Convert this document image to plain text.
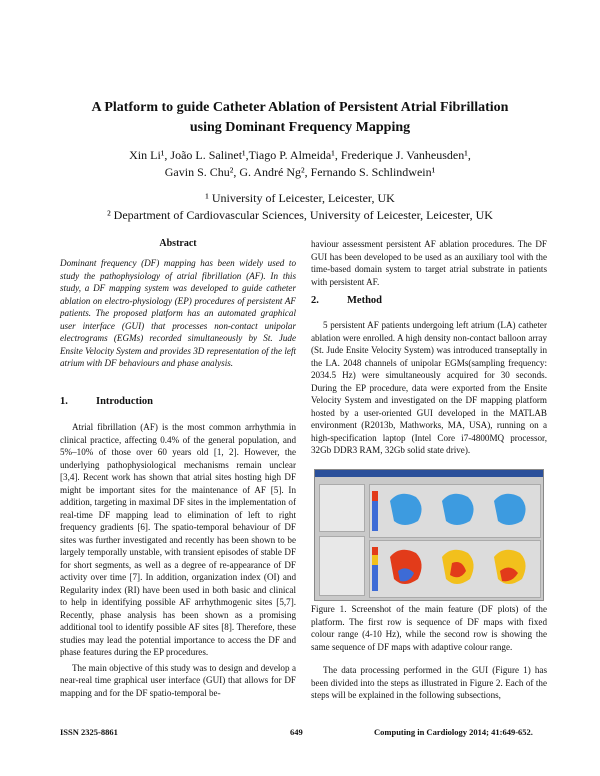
A Platform to guide Catheter Ablation of Persistent Atrial Fibrillation
using Dominant Frequency Mapping
Xin Li¹, João L. Salinet¹,Tiago P. Almeida¹, Frederique J. Vanheusden¹,
Gavin S. Chu², G. André Ng², Fernando S. Schlindwein¹
¹ University of Leicester, Leicester, UK
² Department of Cardiovascular Sciences, University of Leicester, Leicester, UK
Abstract
Dominant frequency (DF) mapping has been widely used to study the pathophysiology of atrial fibrillation (AF). In this study, a DF mapping system was developed to guide catheter ablation on electro-physiology (EP) procedures of persistent AF patients. The proposed platform has an automated graphical user interface (GUI) that processes non-contact unipolar electrograms (EGMs) recorded simultaneously by St. Jude Ensite Velocity System and provides 3D representation of the left atrium with DF behaviours and phase analysis.
1.	Introduction

Atrial fibrillation (AF) is the most common arrhythmia in clinical practice, affecting 0.4% of the general population, and 5%–10% of those over 60 years old [1, 2]. However, the underlying pathophysiological mechanisms remain unclear [3,4]. Recent work has shown that atrial sites hosting high DF might be important sites for the maintenance of AF [5]. In addition, targeting in maximal DF sites in the implementation of real-time DF mapping lead to elimination of left to right frequency gradients [6]. The spatio-temporal behaviour of DF sites was further investigated and recently has been shown to be largely temporally unstable, with transient episodes of stable DF for short segments, as well as a degree of re-appearance of DF activity over time [7]. In addition, organization index (OI) and Regularity index (RI) have been used in both basic and clinical to help in identifying possible AF arrhythmogenic sites [5,7]. Recently, phase analysis has been shown as a promising additional tool to identify possible AF sites [8]. Therefore, these studies may lead the potential importance to access the DF and phase features during the EP procedures.

The main objective of this study was to design and develop a near-real time graphical user interface (GUI) that allows for DF mapping and for the DF spatio-temporal be-

haviour assessment persistent AF ablation procedures. The DF GUI has been developed to be used as an auxiliary tool with the time-based domain system to target atrial substrate in patients with persistent AF.
2.	Method

5 persistent AF patients undergoing left atrium (LA) catheter ablation were enrolled. A high density non-contact balloon array (St. Jude Ensite Velocity System) was introduced transeptally in the LA. 2048 channels of unipolar EGMs(sampling frequency: 2034.5 Hz) were simultaneously acquired for 30 seconds. During the EP procedure, data were exported from the Ensite Velocity System and investigated on the DF mapping platform hosted by a user-oriented GUI developed in the MATLAB environment (R2013b, Mathworks, MA, USA), running on a high-specification laptop (Intel Core i7-4800MQ processor, 32Gb DDR3 RAM, 32Gb solid state drive).

Figure 1. Screenshot of the main feature (DF plots) of the platform. The first row is sequence of DF maps with fixed colour range (4-10 Hz), while the second row is showing the same sequence of DF maps with adaptive colour range.

The data processing performed in the GUI (Figure 1) has been divided into the steps as illustrated in Figure 2. Each of the steps will be explained in the following subsections,

ISSN 2325-8861	649	Computing in Cardiology 2014; 41:649-652.
